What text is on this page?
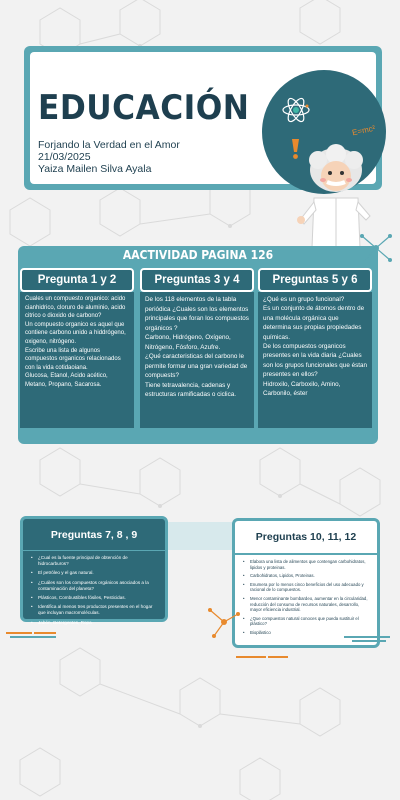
EDUCACIÓN
Forjando la Verdad en el Amor
21/03/2025
Yaiza Mailen Silva Ayala
E=mc²
AACTIVIDAD PAGINA 126
Pregunta 1 y 2	Preguntas 3 y 4	Preguntas 5 y 6

Cuales un compuesto organico: acido cianhidrico, cloruro de aluminio, acido citrico o dioxido de carbono?

Un compuesto organico es aquel que contiene carbono unido a hiddrógeno, oxigeno, nitrógeno.

Escribe una lista de algunos compuestos organicos relacionados con la vida cotidaoiana.

Glucosa, Etanol, Acido acético, Metano, Propano, Sacarosa.

De los 118 elementos de la tabla periódica ¿Cuales son los elementos principales que foran los compuestos orgánicos ?

Carbono, Hidrógeno, Oxígeno, Nitrógeno, Fósforo, Azufre.

¿Qué caracteristicas del carbono le permite formar una gran variedad de compuests?

Tiene tetravalencia, cadenas y estructuras ramificadas o ciclica.

¿Qué es un grupo funcional?

Es un conjunto de átomos dentro de una molécula orgánica que determina sus propias propiedades químicas.

De los compuestos organicos presentes en la vida diaria ¿Cuales son los grupos funcionales que éstan presentes en ellos?

Hidroxilo, Carboxilo, Amino, Carbonilo, éster

Preguntas 7, 8 , 9
• ¿Cual es la fuente principal de obtención de hidrocarburos?
• El petróleo y el gas natural.
• ¿Cuáles son los compuestos orgánicos asociados a la contaminación del planeta?
• Plásticos, Combustibles fósiles, Pesticidas.
• Identifica al menos tres productos presentes en el hogar que incluyan macromoléculas.
• Jabón, Detergentes, Ropa
Preguntas 10, 11, 12
• Elabora una lista de alimentos que contengan carbohidratos, lipidos y proteinas.
• Carbohidratos, Lipidos, Proteinas.
• Enumera por lo menos cinco beneficios del uso adecuado y racional de lo compuestos.
• Menor contaminante bombardeo, aumentar en la circularidad, reducción del consumo de recursos naturales, desarrollo, mayor eficiencia industrial.
• ¿Que compuestos natural conoces que pueda sustituir el plástico?
• Bioplástico
